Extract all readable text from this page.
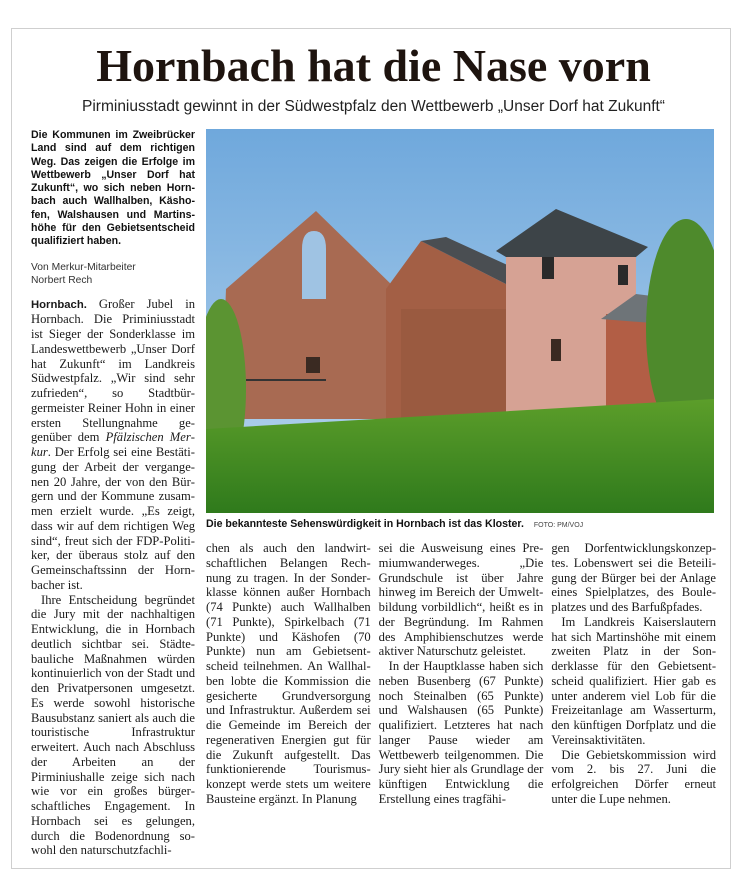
Hornbach hat die Nase vorn
Pirminiusstadt gewinnt in der Südwestpfalz den Wettbewerb „Unser Dorf hat Zukunft“
Die Kommunen im Zweibrücker Land sind auf dem richtigen Weg. Das zeigen die Erfolge im Wettbewerb „Unser Dorf hat Zukunft“, wo sich neben Hornbach auch Wallhalben, Käshofen, Walshausen und Martinshöhe für den Gebietsentscheid qualifiziert haben.
Von Merkur-Mitarbeiter
Norbert Rech

Hornbach. Großer Jubel in Hornbach. Die Priminiusstadt ist Sieger der Sonderklasse im Landeswettbewerb „Unser Dorf hat Zukunft“ im Landkreis Südwestpfalz. „Wir sind sehr zufrieden“, so Stadtbürgermeister Reiner Hohn in einer ersten Stellungnahme gegenüber dem Pfälzischen Merkur. Der Erfolg sei eine Bestätigung der Arbeit der vergangenen 20 Jahre, der von den Bürgern und der Kommune zusammen erzielt wurde. „Es zeigt, dass wir auf dem richtigen Weg sind“, freut sich der FDP-Politiker, der überaus stolz auf den Gemeinschaftssinn der Hornbacher ist.

Ihre Entscheidung begründet die Jury mit der nachhaltigen Entwicklung, die in Hornbach deutlich sichtbar sei. Städtebauliche Maßnahmen würden kontinuierlich von der Stadt und den Privatpersonen umgesetzt. Es werde sowohl historische Bausubstanz saniert als auch die touristische Infrastruktur erweitert. Auch nach Abschluss der Arbeiten an der Pirminiushalle zeige sich nach wie vor ein großes bürgerschaftliches Engagement. In Hornbach sei es gelungen, durch die Bodenordnung sowohl den naturschutzfachli-

Die bekannteste Sehenswürdigkeit in Hornbach ist das Kloster. FOTO: PM/VOJ

chen als auch den landwirtschaftlichen Belangen Rechnung zu tragen. In der Sonderklasse können außer Hornbach (74 Punkte) auch Wallhalben (71 Punkte), Spirkelbach (71 Punkte) und Käshofen (70 Punkte) nun am Gebietsentscheid teilnehmen. An Wallhalben lobte die Kommission die gesicherte Grundversorgung und Infrastruktur. Außerdem sei die Gemeinde im Bereich der regenerativen Energien gut für die Zukunft aufgestellt. Das funktionierende Tourismuskonzept werde stets um weitere Bausteine ergänzt. In Planung

sei die Ausweisung eines Premiumwanderweges. „Die Grundschule ist über Jahre hinweg im Bereich der Umweltbildung vorbildlich“, heißt es in der Begründung. Im Rahmen des Amphibienschutzes werde aktiver Naturschutz geleistet.

In der Hauptklasse haben sich neben Busenberg (67 Punkte) noch Steinalben (65 Punkte) und Walshausen (65 Punkte) qualifiziert. Letzteres hat nach langer Pause wieder am Wettbewerb teilgenommen. Die Jury sieht hier als Grundlage der künftigen Entwicklung die Erstellung eines tragfähi-

gen Dorfentwicklungskonzeptes. Lobenswert sei die Beteiligung der Bürger bei der Anlage eines Spielplatzes, des Bouleplatzes und des Barfußpfades.

Im Landkreis Kaiserslautern hat sich Martinshöhe mit einem zweiten Platz in der Sonderklasse für den Gebietsentscheid qualifiziert. Hier gab es unter anderem viel Lob für die Freizeitanlage am Wasserturm, den künftigen Dorfplatz und die Vereinsaktivitäten.

Die Gebietskommission wird vom 2. bis 27. Juni die erfolgreichen Dörfer erneut unter die Lupe nehmen.
